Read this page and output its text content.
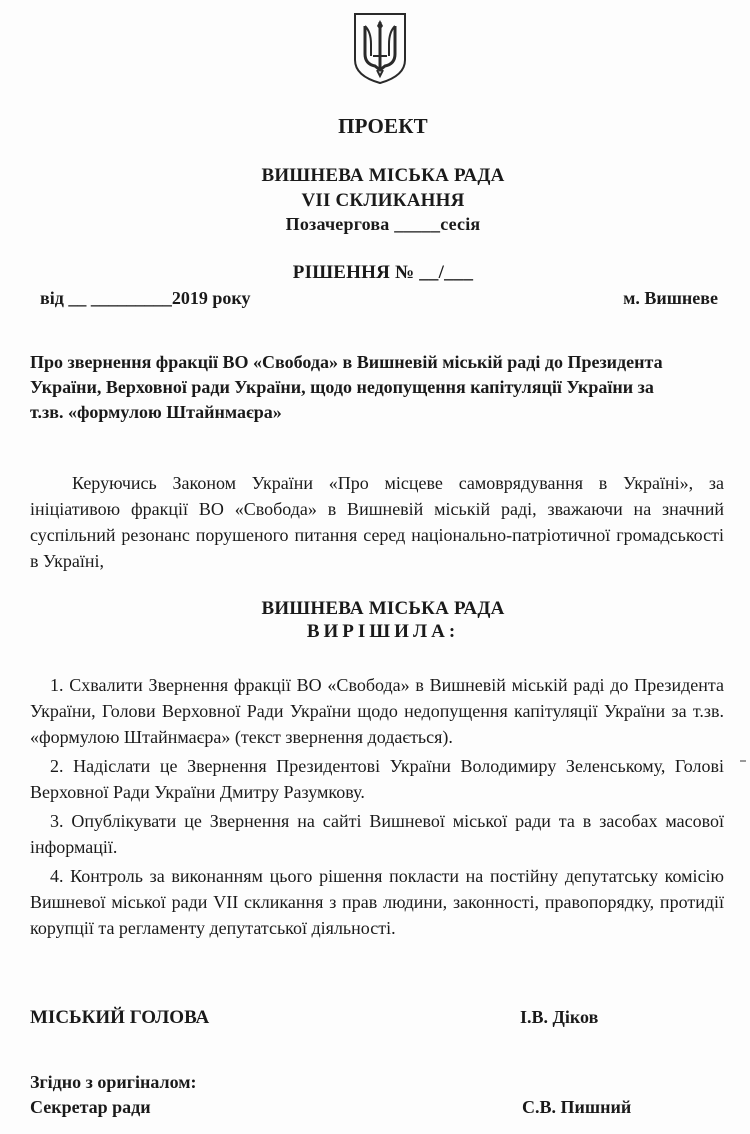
ПРОЕКТ
ВИШНЕВА МІСЬКА РАДА
VII СКЛИКАННЯ
Позачергова _____сесія
РІШЕННЯ № __/___
від __ _________2019 року	м. Вишневе
Про звернення фракції ВО «Свобода» в Вишневій міській раді до Президента України, Верховної ради України, щодо недопущення капітуляції України за т.зв. «формулою Штайнмаєра»
Керуючись Законом України «Про місцеве самоврядування в Україні», за ініціативою фракції ВО «Свобода» в Вишневій міській раді, зважаючи на значний суспільний резонанс порушеного питання серед національно-патріотичної громадськості в Україні,
ВИШНЕВА МІСЬКА РАДА
ВИРІШИЛА:

1. Схвалити Звернення фракції ВО «Свобода» в Вишневій міській раді до Президента України, Голови Верховної Ради України щодо недопущення капітуляції України за т.зв. «формулою Штайнмаєра» (текст звернення додається).

2. Надіслати це Звернення Президентові України Володимиру Зеленському, Голові Верховної Ради України Дмитру Разумкову.

3. Опублікувати це Звернення на сайті Вишневої міської ради та в засобах масової інформації.

4. Контроль за виконанням цього рішення покласти на постійну депутатську комісію Вишневої міської ради VII скликання з прав людини, законності, правопорядку, протидії корупції та регламенту депутатської діяльності.

МІСЬКИЙ ГОЛОВА	І.В. Діков
Згідно з оригіналом:
Секретар ради	С.В. Пишний
